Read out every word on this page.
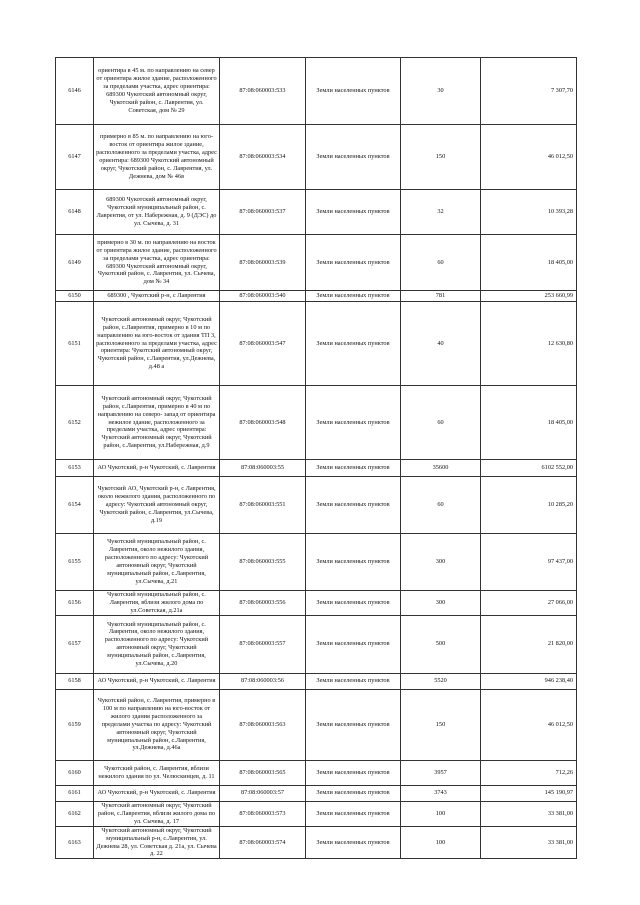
6146	ориентира в 45 м. по направлению на север от ориентира жилое здание, расположенного за пределами участка, адрес ориентира: 689300 Чукотский автономный округ, Чукотский район, с. Лаврентия, ул. Советская, дом № 29	87:08:060003:533	Земли населенных пунктов	30	7 307,70
6147	примерно в 85 м. по направлению на юго-восток от ориентира жилое здание, расположенного за пределами участка, адрес ориентира: 689300 Чукотский автономный округ, Чукотский район, с. Лаврентия, ул. Дежнева, дом № 46в	87:08:060003:534	Земли населенных пунктов	150	46 012,50
6148	689300 Чукотский автономный округ, Чукотский муниципальный район, с. Лаврентия, от ул. Набережная, д. 9 (ДЭС) до ул. Сычева, д. 31	87:08:060003:537	Земли населенных пунктов	32	10 393,28
6149	примерно в 30 м. по направлению на восток от ориентира жилое здание, расположенного за пределами участка, адрес ориентира: 689300 Чукотский автономный округ, Чукотский район, с. Лаврентия, ул. Сычева, дом № 34	87:08:060003:539	Земли населенных пунктов	60	18 405,00
6150	689300 , Чукотский р-н, с Лаврентия	87:08:060003:540	Земли населенных пунктов	781	253 660,99
6151	Чукотский автономный округ, Чукотский район, с.Лаврентия, примерно в 10 м по направлению на юго-восток от здания ТП 3, расположенного за пределами участка, адрес ориентира: Чукотский автономный округ, Чукотский район, с.Лаврентия, ул.Дежнева, д.48 а	87:08:060003:547	Земли населенных пунктов	40	12 630,80
6152	Чукотский автономный округ, Чукотский район, с.Лаврентия, примерно в 40 м по направлению на северо- запад от ориентира нежилое здание, расположенного за пределами участка, адрес ориентира: Чукотский автономный округ, Чукотский район, с.Лаврентия, ул.Набережная, д.9	87:08:060003:548	Земли населенных пунктов	60	18 405,00
6153	АО Чукотский, р-н Чукотский, с. Лаврентия	87:08:060003:55	Земли населенных пунктов	35600	6102 552,00
6154	Чукотский АО, Чукотский р-н, с Лаврентия, около нежилого здания, расположенного по адресу: Чукотский автономный округ, Чукотский район, с.Лаврентия, ул.Сычева, д.19	87:08:060003:551	Земли населенных пунктов	60	10 285,20
6155	Чукотский муниципальный район, с. Лаврентия, около нежилого здания, расположенного по адресу: Чукотский автономный округ, Чукотский муниципальный район, с.Лаврентия, ул.Сычева, д.21	87:08:060003:555	Земли населенных пунктов	300	97 437,00
6156	Чукотский муниципальный район, с. Лаврентия, вблизи жилого дома по ул.Советская, д.21а	87:08:060003:556	Земли населенных пунктов	300	27 066,00
6157	Чукотский муниципальный район, с. Лаврентия, около нежилого здания, расположенного по адресу: Чукотский автономный округ, Чукотский муниципальный район, с.Лаврентия, ул.Сычева, д.20	87:08:060003:557	Земли населенных пунктов	500	21 820,00
6158	АО Чукотский, р-н Чукотский, с. Лаврентия	87:08:060003:56	Земли населенных пунктов	5520	946 238,40
6159	Чукотский район, с. Лаврентия, примерно в 100 м по направлению на юго-восток от жилого здания расположенного за пределами участка по адресу: Чукотский автономный округ, Чукотский муниципальный район, с.Лаврентия, ул.Дежнева, д.46а	87:08:060003:563	Земли населенных пунктов	150	46 012,50
6160	Чукотский район, с. Лаврентия, вблизи нежилого здания по ул. Челюскинцев, д. 11	87:08:060003:565	Земли населенных пунктов	3957	712,26
6161	АО Чукотский, р-н Чукотский, с. Лаврентия	87:08:060003:57	Земли населенных пунктов	3743	145 190,97
6162	Чукотский автономный округ, Чукотский район, с.Лаврентия, вблизи жилого дома по ул. Сычева, д. 17	87:08:060003:573	Земли населенных пунктов	100	33 381,00
6163	Чукотский автономный округ, Чукотский муниципальный р-н, с.Лаврентия, ул. Дежнева 28, ул. Советская д. 21а, ул. Сычева д. 22	87:08:060003:574	Земли населенных пунктов	100	33 381,00
